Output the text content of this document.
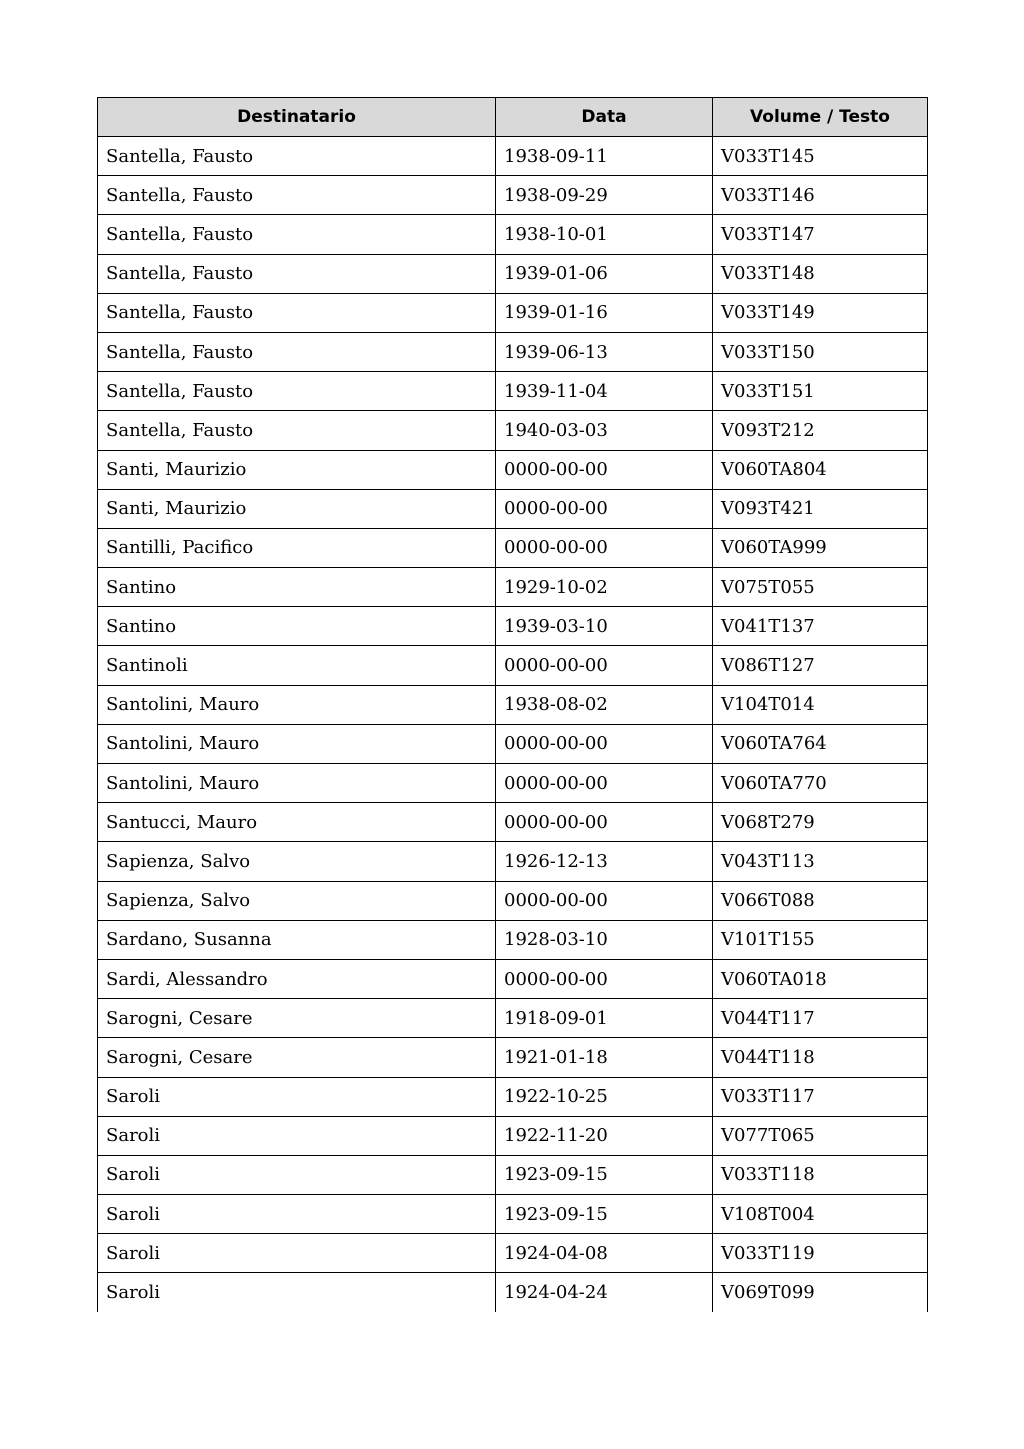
Destinatario	Data	Volume / Testo
Santella, Fausto	1938-09-11	V033T145
Santella, Fausto	1938-09-29	V033T146
Santella, Fausto	1938-10-01	V033T147
Santella, Fausto	1939-01-06	V033T148
Santella, Fausto	1939-01-16	V033T149
Santella, Fausto	1939-06-13	V033T150
Santella, Fausto	1939-11-04	V033T151
Santella, Fausto	1940-03-03	V093T212
Santi, Maurizio	0000-00-00	V060TA804
Santi, Maurizio	0000-00-00	V093T421
Santilli, Pacifico	0000-00-00	V060TA999
Santino	1929-10-02	V075T055
Santino	1939-03-10	V041T137
Santinoli	0000-00-00	V086T127
Santolini, Mauro	1938-08-02	V104T014
Santolini, Mauro	0000-00-00	V060TA764
Santolini, Mauro	0000-00-00	V060TA770
Santucci, Mauro	0000-00-00	V068T279
Sapienza, Salvo	1926-12-13	V043T113
Sapienza, Salvo	0000-00-00	V066T088
Sardano, Susanna	1928-03-10	V101T155
Sardi, Alessandro	0000-00-00	V060TA018
Sarogni, Cesare	1918-09-01	V044T117
Sarogni, Cesare	1921-01-18	V044T118
Saroli	1922-10-25	V033T117
Saroli	1922-11-20	V077T065
Saroli	1923-09-15	V033T118
Saroli	1923-09-15	V108T004
Saroli	1924-04-08	V033T119
Saroli	1924-04-24	V069T099
